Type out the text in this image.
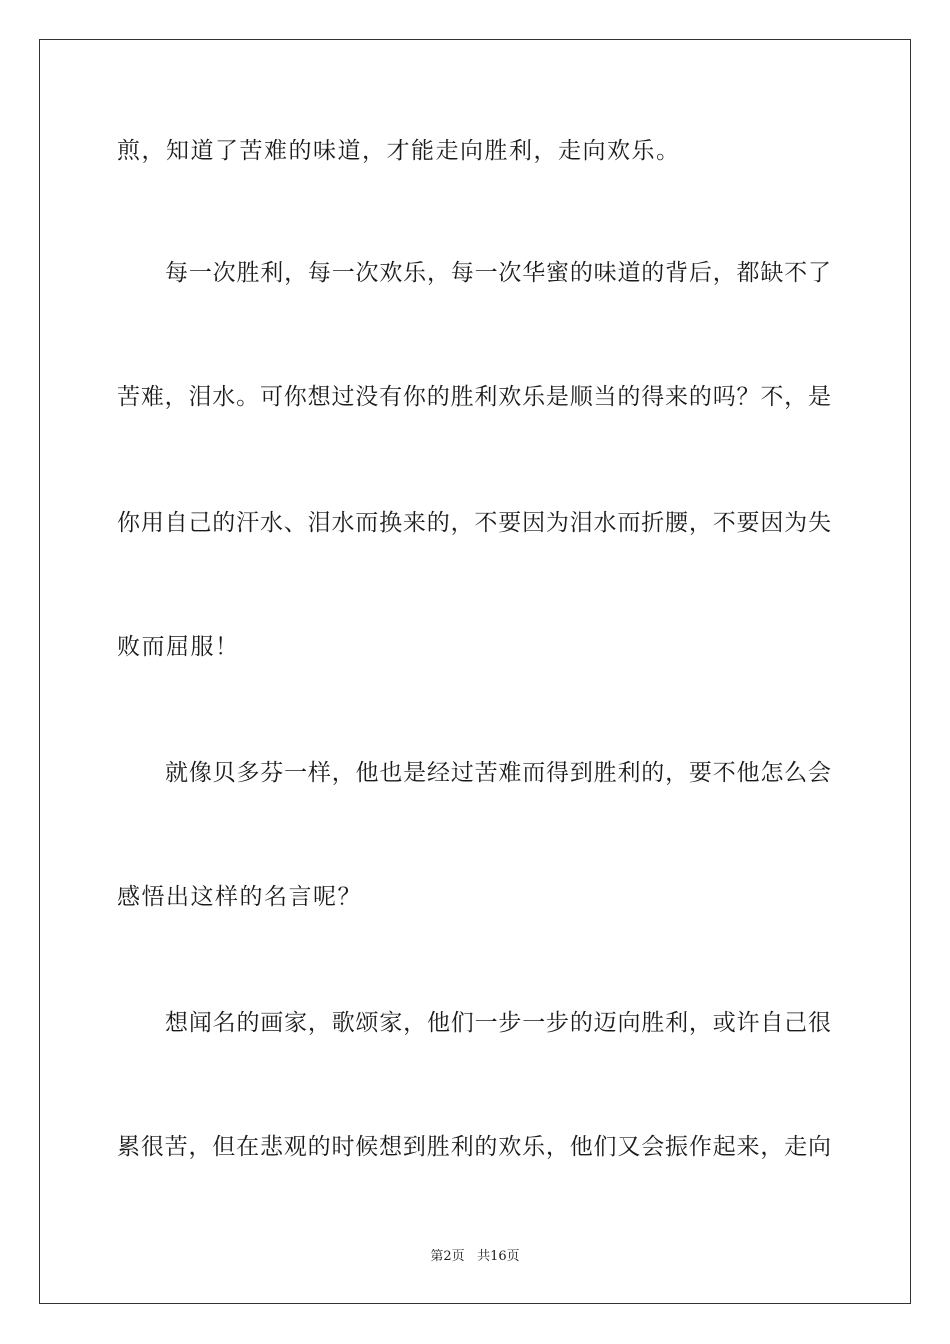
煎，知道了苦难的味道，才能走向胜利，走向欢乐。
每一次胜利，每一次欢乐，每一次华蜜的味道的背后，都缺不了
苦难，泪水。可你想过没有你的胜利欢乐是顺当的得来的吗？不，是
你用自己的汗水、泪水而换来的，不要因为泪水而折腰，不要因为失
败而屈服！
就像贝多芬一样，他也是经过苦难而得到胜利的，要不他怎么会
感悟出这样的名言呢？
想闻名的画家，歌颂家，他们一步一步的迈向胜利，或许自己很
累很苦，但在悲观的时候想到胜利的欢乐，他们又会振作起来，走向
第2页 共16页
